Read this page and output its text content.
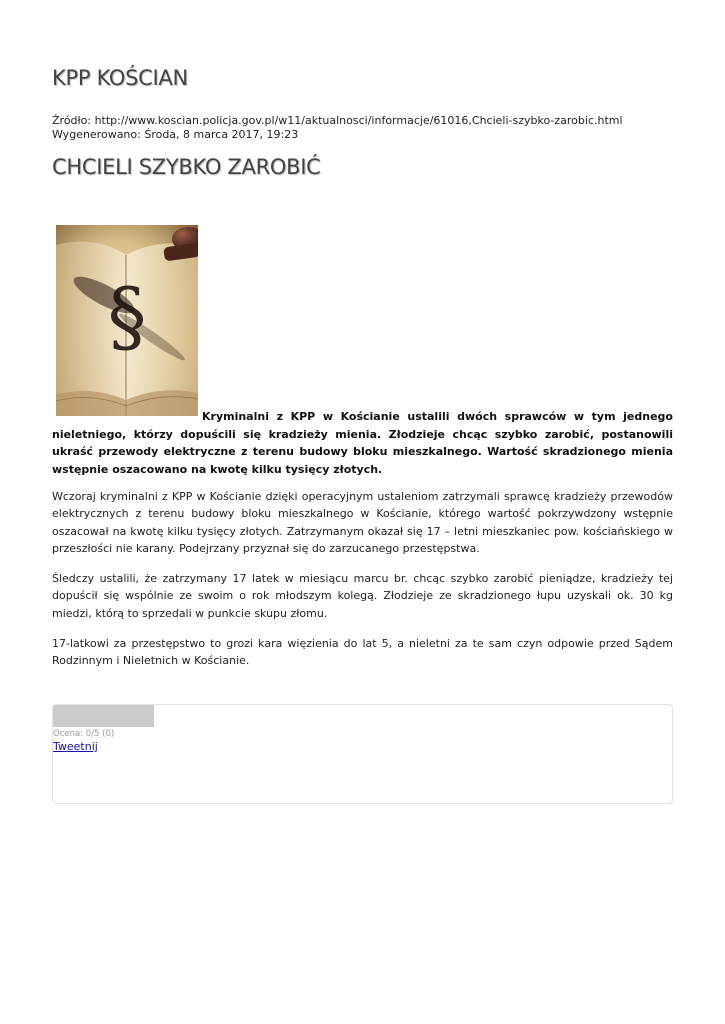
KPP KOŚCIAN
Źródło: http://www.koscian.policja.gov.pl/w11/aktualnosci/informacje/61016,Chcieli-szybko-zarobic.html
Wygenerowano: Środa, 8 marca 2017, 19:23
CHCIELI SZYBKO ZAROBIĆ
§

Kryminalni z KPP w Kościanie ustalili dwóch sprawców w tym jednego nieletniego, którzy dopuścili się kradzieży mienia. Złodzieje chcąc szybko zarobić, postanowili ukraść przewody elektryczne z terenu budowy bloku mieszkalnego. Wartość skradzionego mienia wstępnie oszacowano na kwotę kilku tysięcy złotych.

Wczoraj kryminalni z KPP w Kościanie dzięki operacyjnym ustaleniom zatrzymali sprawcę kradzieży przewodów elektrycznych z terenu budowy bloku mieszkalnego w Kościanie, którego wartość pokrzywdzony wstępnie oszacował na kwotę kilku tysięcy złotych. Zatrzymanym okazał się 17 – letni mieszkaniec pow. kościańskiego w przeszłości nie karany. Podejrzany przyznał się do zarzucanego przestępstwa.

Śledczy ustalili, że zatrzymany 17 latek w miesiącu marcu br. chcąc szybko zarobić pieniądze, kradzieży tej dopuścił się wspólnie ze swoim o rok młodszym kolegą. Złodzieje ze skradzionego łupu uzyskali ok. 30 kg miedzi, którą to sprzedali w punkcie skupu złomu.

17-latkowi za przestępstwo to grozi kara więzienia do lat 5, a nieletni za te sam czyn odpowie przed Sądem Rodzinnym i Nieletnich w Kościanie.

Ocena: 0/5 (0)
Tweetnij
